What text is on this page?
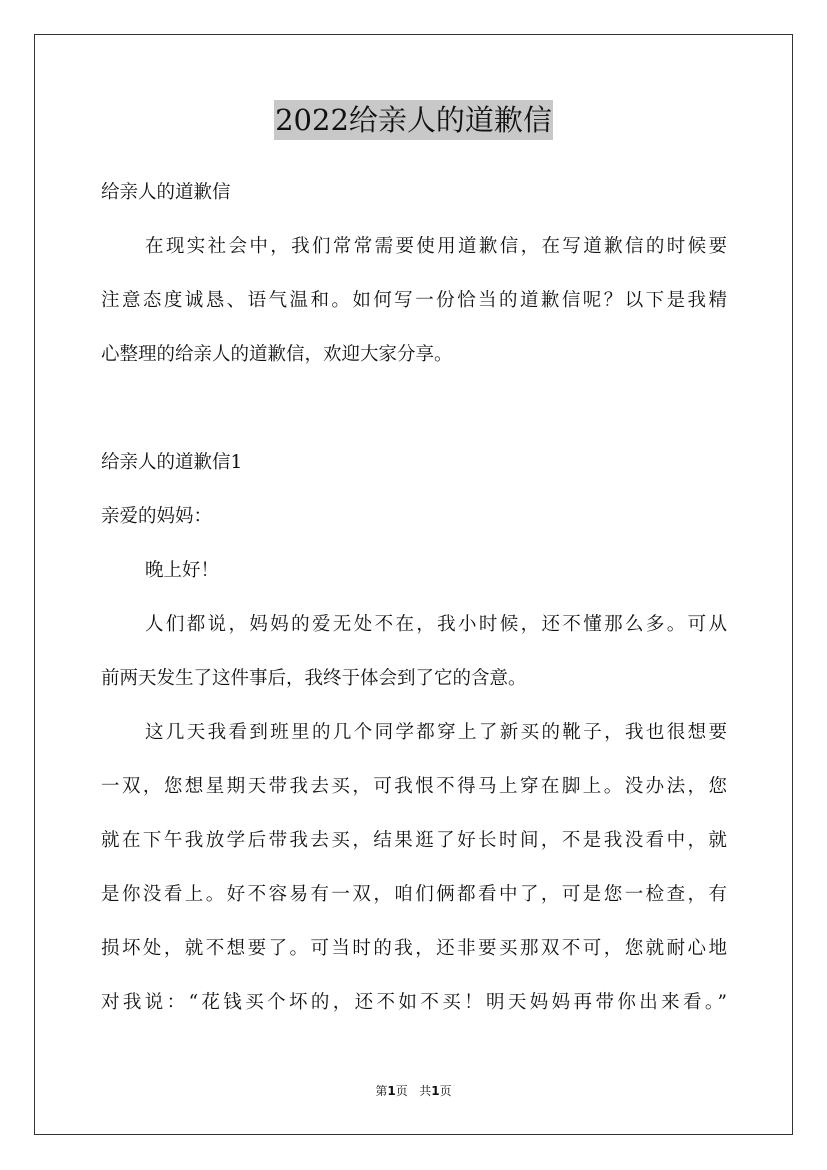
2022给亲人的道歉信
给亲人的道歉信
在现实社会中，我们常常需要使用道歉信，在写道歉信的时候要
注意态度诚恳、语气温和。如何写一份恰当的道歉信呢？以下是我精
心整理的给亲人的道歉信，欢迎大家分享。
给亲人的道歉信1
亲爱的妈妈：
晚上好！
人们都说，妈妈的爱无处不在，我小时候，还不懂那么多。可从
前两天发生了这件事后，我终于体会到了它的含意。
这几天我看到班里的几个同学都穿上了新买的靴子，我也很想要
一双，您想星期天带我去买，可我恨不得马上穿在脚上。没办法，您
就在下午我放学后带我去买，结果逛了好长时间，不是我没看中，就
是你没看上。好不容易有一双，咱们俩都看中了，可是您一检查，有
损坏处，就不想要了。可当时的我，还非要买那双不可，您就耐心地
对我说：“花钱买个坏的，还不如不买！明天妈妈再带你出来看。”
第1页   共1页
